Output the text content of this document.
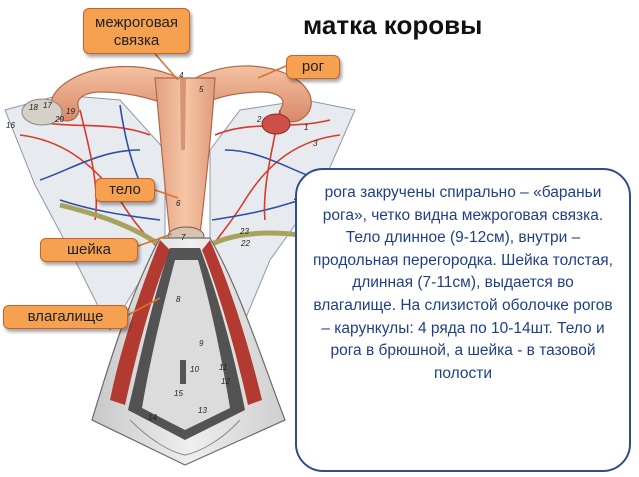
1
2
3
4
5
6
7
8
9
10	11
12
13
14
15
16
17
18	19
20
22
23
межроговая связка
рог
тело
шейка
влагалище
матка коровы
рога закручены спирально – «бараньи рога», четко видна межроговая связка. Тело длинное (9-12см), внутри – продольная перегородка. Шейка толстая, длинная (7-11см), выдается во влагалище. На слизистой оболочке рогов – карункулы: 4 ряда по 10-14шт. Тело и рога в брюшной, а шейка - в тазовой полости
